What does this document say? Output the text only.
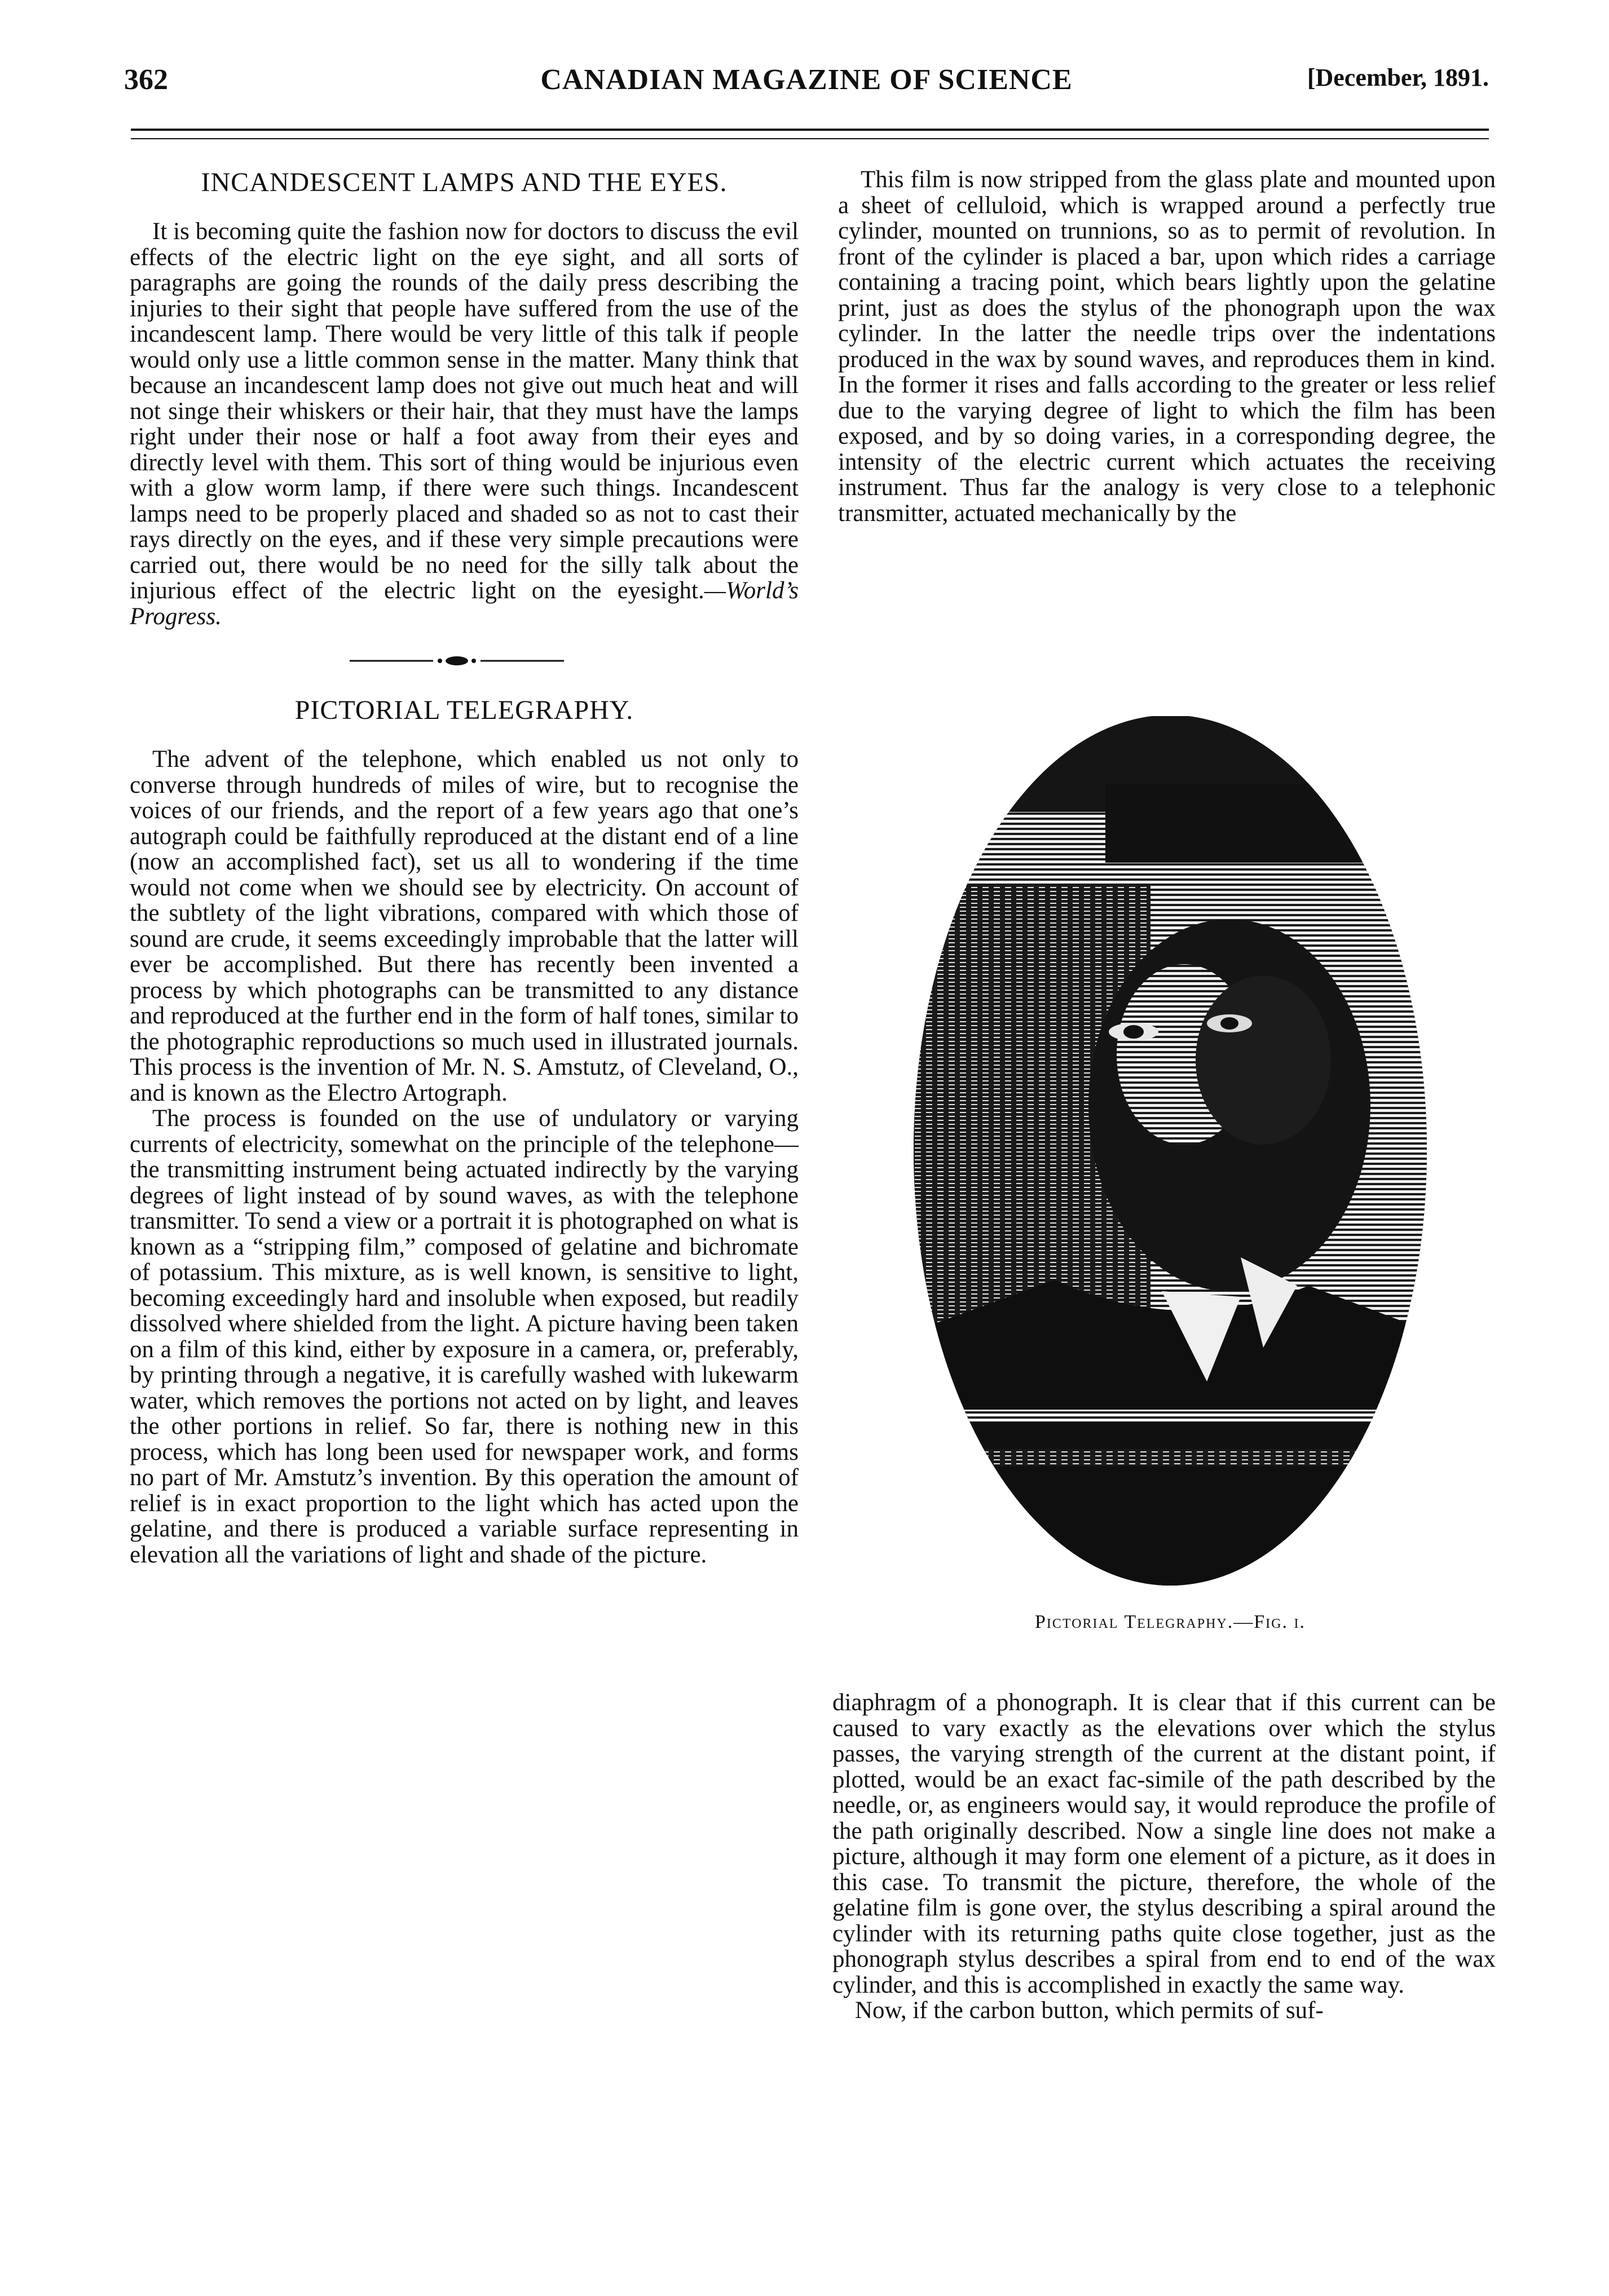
362	CANADIAN MAGAZINE OF SCIENCE	[December, 1891.
INCANDESCENT LAMPS AND THE EYES.

It is becoming quite the fashion now for doctors to discuss the evil effects of the electric light on the eye sight, and all sorts of paragraphs are going the rounds of the daily press describing the injuries to their sight that people have suffered from the use of the incandescent lamp. There would be very little of this talk if people would only use a little common sense in the matter. Many think that because an incandescent lamp does not give out much heat and will not singe their whiskers or their hair, that they must have the lamps right under their nose or half a foot away from their eyes and directly level with them. This sort of thing would be injurious even with a glow worm lamp, if there were such things. Incandescent lamps need to be properly placed and shaded so as not to cast their rays directly on the eyes, and if these very simple precautions were carried out, there would be no need for the silly talk about the injurious effect of the electric light on the eyesight.—World’s Progress.

PICTORIAL TELEGRAPHY.

The advent of the telephone, which enabled us not only to converse through hundreds of miles of wire, but to recognise the voices of our friends, and the report of a few years ago that one’s autograph could be faithfully reproduced at the distant end of a line (now an accomplished fact), set us all to wondering if the time would not come when we should see by electricity. On account of the subtlety of the light vibrations, compared with which those of sound are crude, it seems exceedingly improbable that the latter will ever be accomplished. But there has recently been invented a process by which photographs can be transmitted to any distance and reproduced at the further end in the form of half tones, similar to the photographic reproductions so much used in illustrated journals. This process is the invention of Mr. N. S. Amstutz, of Cleveland, O., and is known as the Electro Artograph.

The process is founded on the use of undulatory or varying currents of electricity, somewhat on the principle of the telephone—the transmitting instrument being actuated indirectly by the varying degrees of light instead of by sound waves, as with the telephone transmitter. To send a view or a portrait it is photographed on what is known as a “stripping film,” composed of gelatine and bichromate of potassium. This mixture, as is well known, is sensitive to light, becoming exceedingly hard and insoluble when exposed, but readily dissolved where shielded from the light. A picture having been taken on a film of this kind, either by exposure in a camera, or, preferably, by printing through a negative, it is carefully washed with lukewarm water, which removes the portions not acted on by light, and leaves the other portions in relief. So far, there is nothing new in this process, which has long been used for newspaper work, and forms no part of Mr. Amstutz’s invention. By this operation the amount of relief is in exact proportion to the light which has acted upon the gelatine, and there is produced a variable surface representing in elevation all the variations of light and shade of the picture.

This film is now stripped from the glass plate and mounted upon a sheet of celluloid, which is wrapped around a perfectly true cylinder, mounted on trunnions, so as to permit of revolution. In front of the cylinder is placed a bar, upon which rides a carriage containing a tracing point, which bears lightly upon the gelatine print, just as does the stylus of the phonograph upon the wax cylinder. In the latter the needle trips over the indentations produced in the wax by sound waves, and reproduces them in kind. In the former it rises and falls according to the greater or less relief due to the varying degree of light to which the film has been exposed, and by so doing varies, in a corresponding degree, the intensity of the electric current which actuates the receiving instrument. Thus far the analogy is very close to a telephonic transmitter, actuated mechanically by the

Pictorial Telegraphy.—Fig. i.

diaphragm of a phonograph. It is clear that if this current can be caused to vary exactly as the elevations over which the stylus passes, the varying strength of the current at the distant point, if plotted, would be an exact fac-simile of the path described by the needle, or, as engineers would say, it would reproduce the profile of the path originally described. Now a single line does not make a picture, although it may form one element of a picture, as it does in this case. To transmit the picture, therefore, the whole of the gelatine film is gone over, the stylus describing a spiral around the cylinder with its returning paths quite close together, just as the phonograph stylus describes a spiral from end to end of the wax cylinder, and this is accomplished in exactly the same way.

Now, if the carbon button, which permits of suf-
